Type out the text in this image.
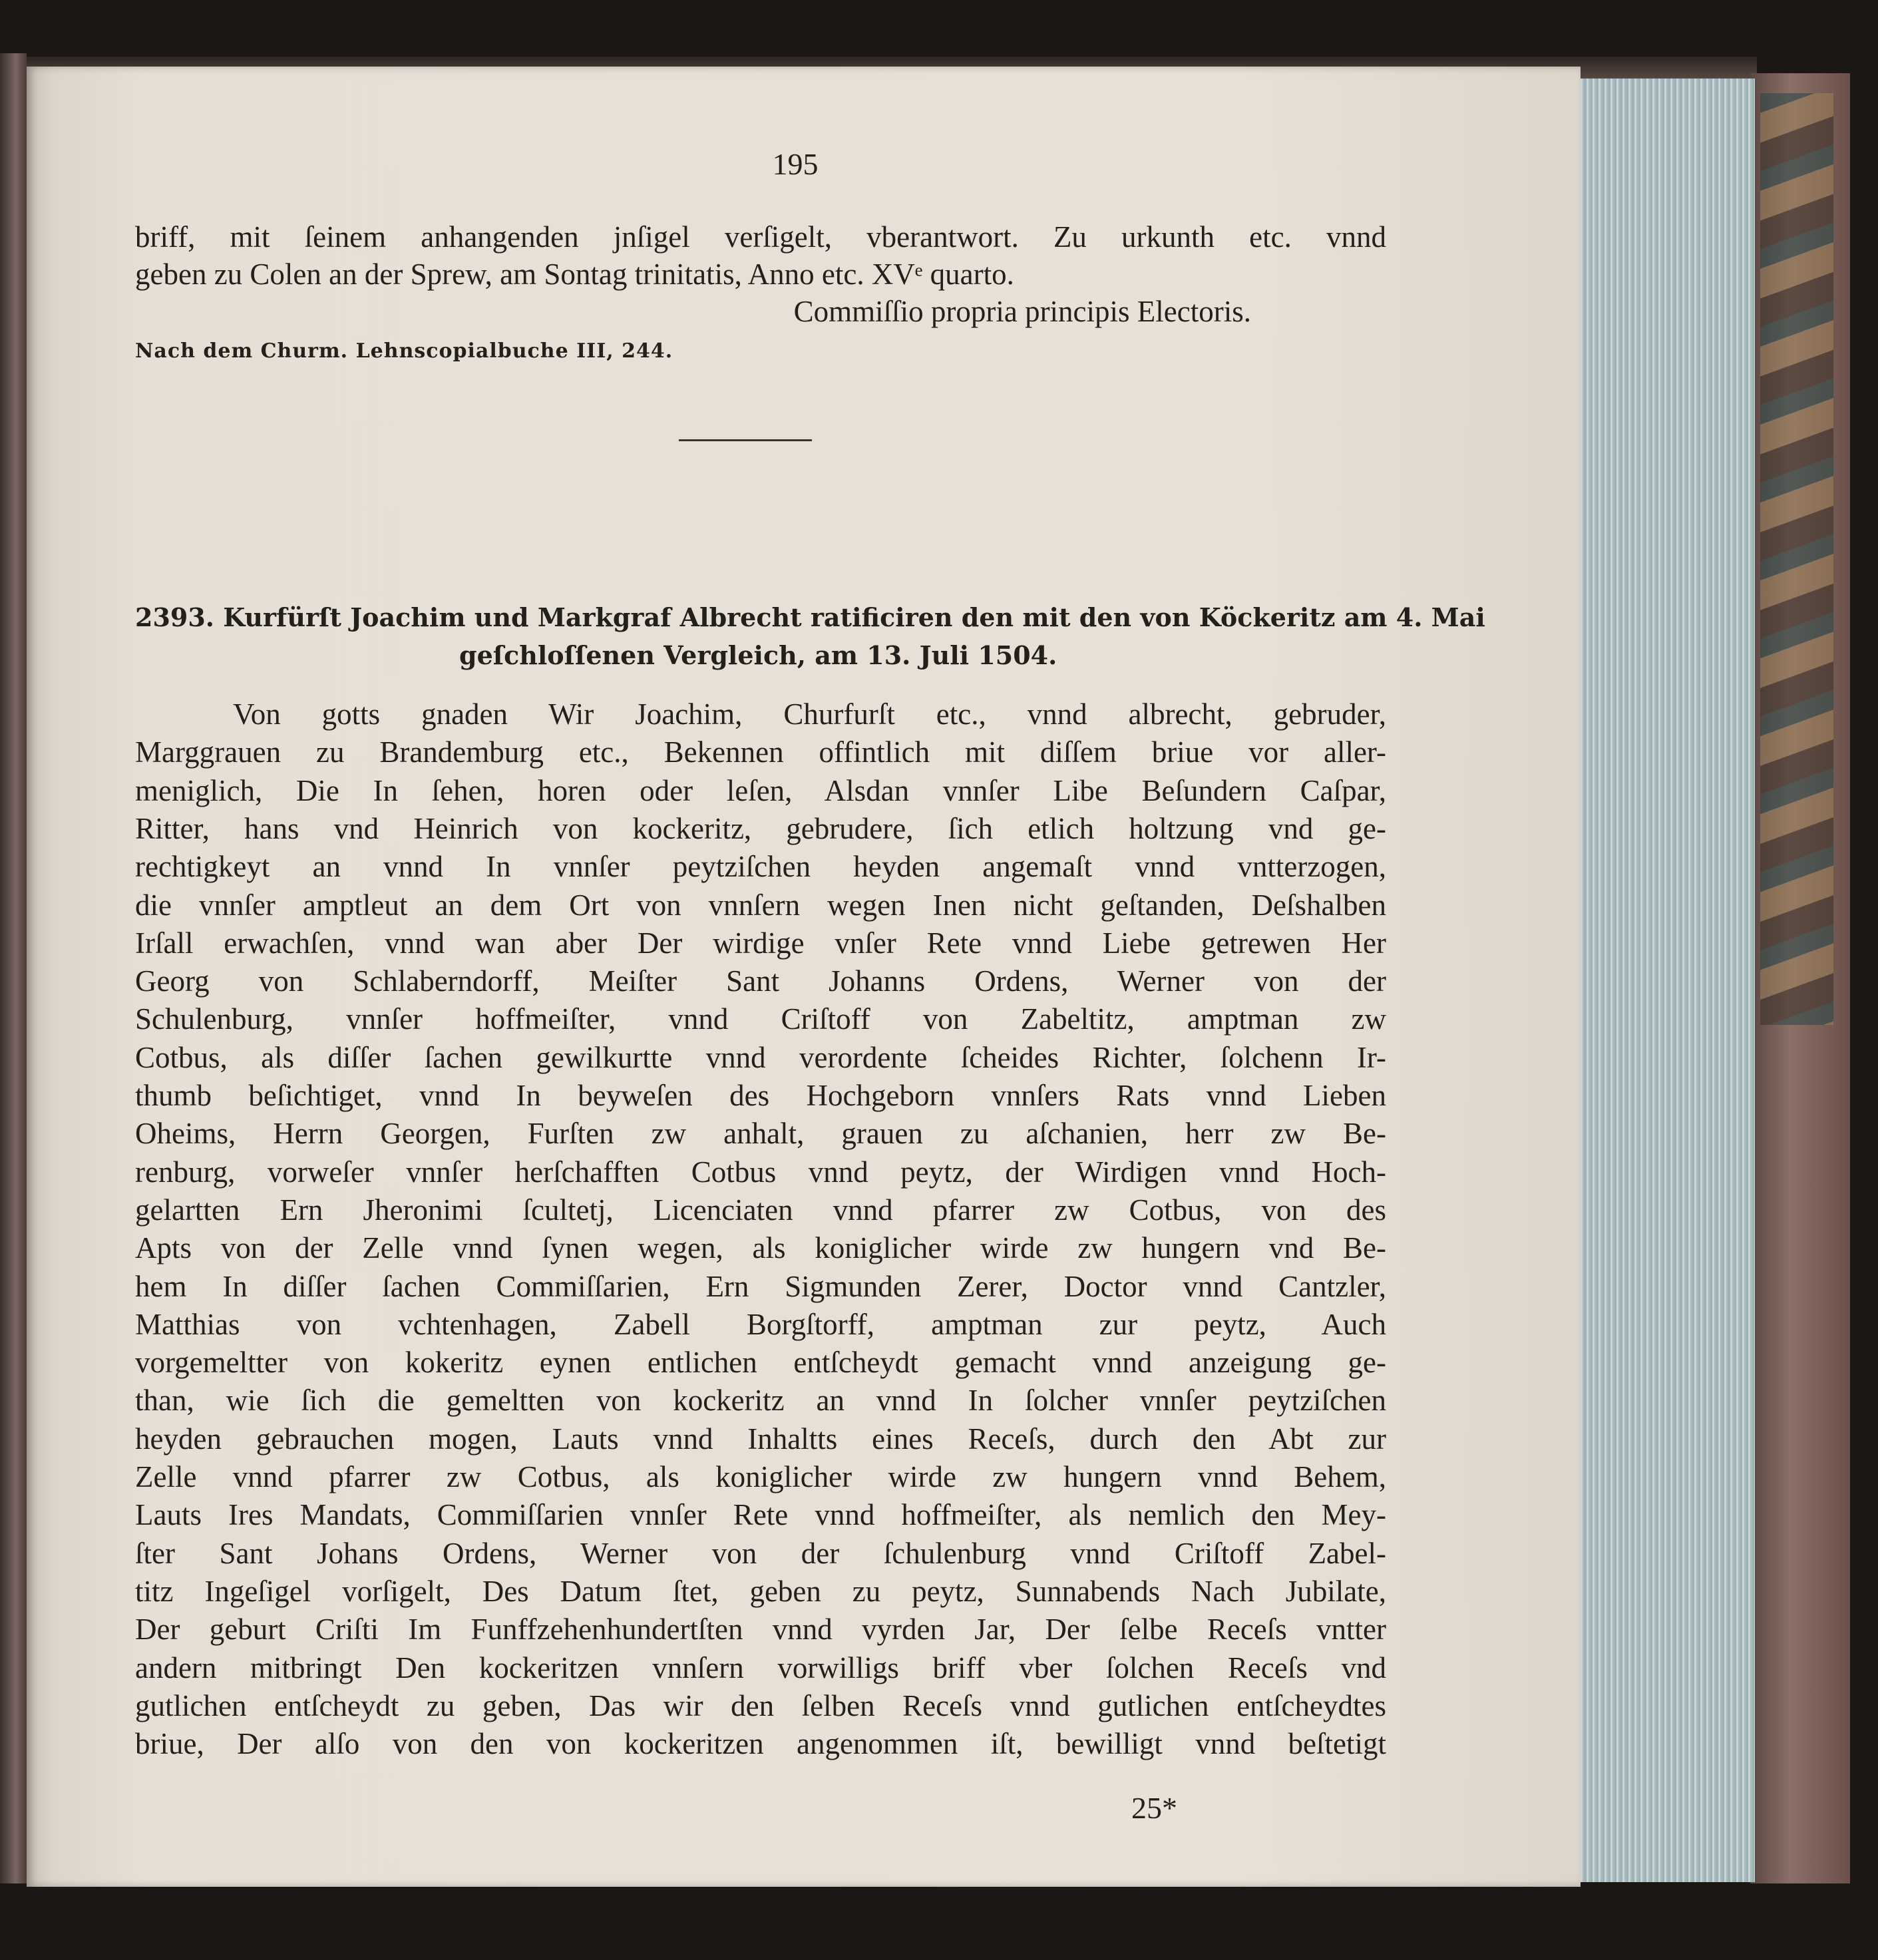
195
briff, mit ſeinem anhangenden jnſigel verſigelt, vberantwort. Zu urkunth etc. vnnd
geben zu Colen an der Sprew, am Sontag trinitatis, Anno etc. XVᵉ quarto.
Commiſſio propria principis Electoris.
Nach dem Churm. Lehnscopialbuche III, 244.
2393. Kurfürſt Joachim und Markgraf Albrecht ratificiren den mit den von Köckeritz am 4. Mai
geſchloſſenen Vergleich, am 13. Juli 1504.
Von gotts gnaden Wir Joachim, Churfurſt etc., vnnd albrecht, gebruder,
Marggrauen zu Brandemburg etc., Bekennen offintlich mit diſſem briue vor aller-
meniglich, Die In ſehen, horen oder leſen, Alsdan vnnſer Libe Beſundern Caſpar,
Ritter, hans vnd Heinrich von kockeritz, gebrudere, ſich etlich holtzung vnd ge-
rechtigkeyt an vnnd In vnnſer peytziſchen heyden angemaſt vnnd vntterzogen,
die vnnſer amptleut an dem Ort von vnnſern wegen Inen nicht geſtanden, Deſshalben
Irſall erwachſen, vnnd wan aber Der wirdige vnſer Rete vnnd Liebe getrewen Her
Georg von Schlaberndorff, Meiſter Sant Johanns Ordens, Werner von der
Schulenburg, vnnſer hoffmeiſter, vnnd Criſtoff von Zabeltitz, amptman zw
Cotbus, als diſſer ſachen gewilkurtte vnnd verordente ſcheides Richter, ſolchenn Ir-
thumb beſichtiget, vnnd In beyweſen des Hochgeborn vnnſers Rats vnnd Lieben
Oheims, Herrn Georgen, Furſten zw anhalt, grauen zu aſchanien, herr zw Be-
renburg, vorweſer vnnſer herſchafften Cotbus vnnd peytz, der Wirdigen vnnd Hoch-
gelartten Ern Jheronimi ſcultetj, Licenciaten vnnd pfarrer zw Cotbus, von des
Apts von der Zelle vnnd ſynen wegen, als koniglicher wirde zw hungern vnd Be-
hem In diſſer ſachen Commiſſarien, Ern Sigmunden Zerer, Doctor vnnd Cantzler,
Matthias von vchtenhagen, Zabell Borgſtorff, amptman zur peytz, Auch
vorgemeltter von kokeritz eynen entlichen entſcheydt gemacht vnnd anzeigung ge-
than, wie ſich die gemeltten von kockeritz an vnnd In ſolcher vnnſer peytziſchen
heyden gebrauchen mogen, Lauts vnnd Inhaltts eines Receſs, durch den Abt zur
Zelle vnnd pfarrer zw Cotbus, als koniglicher wirde zw hungern vnnd Behem,
Lauts Ires Mandats, Commiſſarien vnnſer Rete vnnd hoffmeiſter, als nemlich den Mey-
ſter Sant Johans Ordens, Werner von der ſchulenburg vnnd Criſtoff Zabel-
titz Ingeſigel vorſigelt, Des Datum ſtet, geben zu peytz, Sunnabends Nach Jubilate,
Der geburt Criſti Im Funffzehenhundertſten vnnd vyrden Jar, Der ſelbe Receſs vntter
andern mitbringt Den kockeritzen vnnſern vorwilligs briff vber ſolchen Receſs vnd
gutlichen entſcheydt zu geben, Das wir den ſelben Receſs vnnd gutlichen entſcheydtes
briue, Der alſo von den von kockeritzen angenommen iſt, bewilligt vnnd beſtetigt
25*
